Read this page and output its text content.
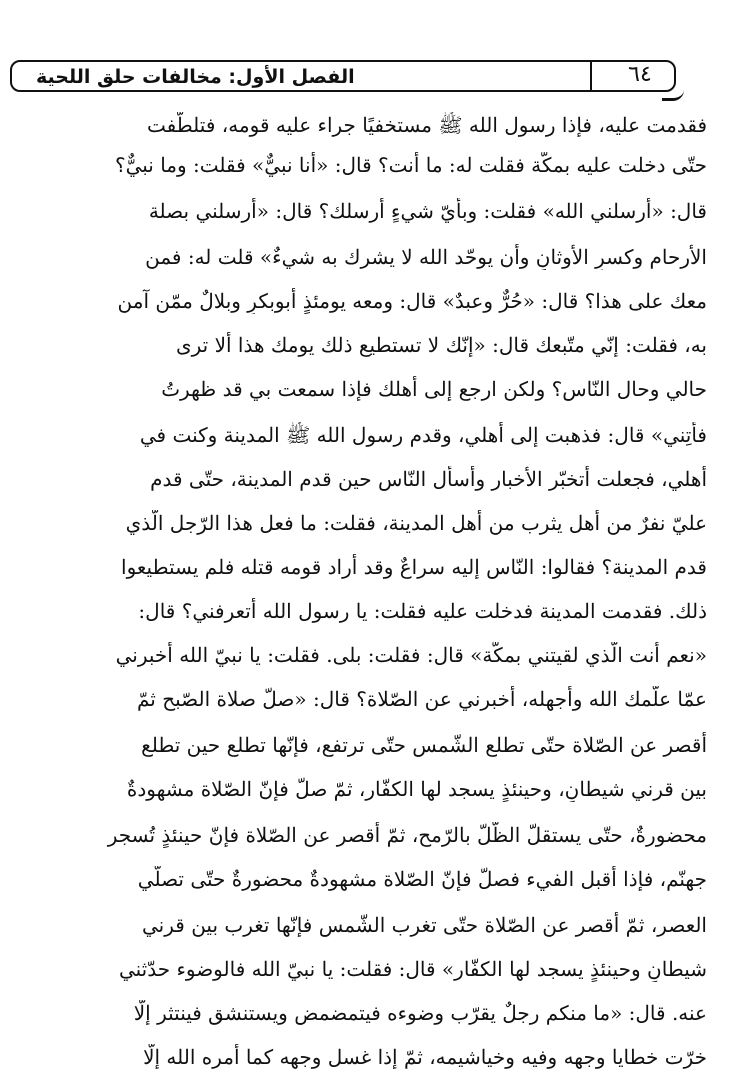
الفصل الأول: مخالفات حلق اللحية	٦٤
فقدمت عليه، فإذا رسول الله ﷺ مستخفيًا جراء عليه قومه، فتلطّفت
حتّى دخلت عليه بمكّة فقلت له: ما أنت؟ قال: «أنا نبيٌّ» فقلت: وما نبيٌّ؟
قال: «أرسلني الله» فقلت: وبأيّ شيءٍ أرسلك؟ قال: «أرسلني بصلة
الأرحام وكسرِ الأوثانِ وأن يوحّد الله لا يشرك به شيءٌ» قلت له: فمن
معك على هذا؟ قال: «حُرٌّ وعبدٌ» قال: ومعه يومئذٍ أبوبكرٍ وبلالٌ ممّن آمن
به، فقلت: إنّي متّبعك قال: «إنّك لا تستطيع ذلك يومك هذا ألا ترى
حالي وحال النّاس؟ ولكن ارجع إلى أهلك فإذا سمعت بي قد ظهرتُ
فأتِني» قال: فذهبت إلى أهلي، وقدم رسول الله ﷺ المدينة وكنت في
أهلي، فجعلت أتخبّر الأخبار وأسأل النّاس حين قدم المدينة، حتّى قدم
عليّ نفرٌ من أهل يثرب من أهل المدينة، فقلت: ما فعل هذا الرّجل الّذي
قدم المدينة؟ فقالوا: النّاس إليه سراعٌ وقد أراد قومه قتله فلم يستطيعوا
ذلك. فقدمت المدينة فدخلت عليه فقلت: يا رسول الله أتعرفني؟ قال:
«نعم أنت الّذي لقيتني بمكّة» قال: فقلت: بلى. فقلت: يا نبيّ الله أخبرني
عمّا علّمك الله وأجهله، أخبرني عن الصّلاة؟ قال: «صلّ صلاة الصّبح ثمّ
أقصر عن الصّلاة حتّى تطلع الشّمس حتّى ترتفع، فإنّها تطلع حين تطلع
بين قرني شيطانٍ، وحينئذٍ يسجد لها الكفّار، ثمّ صلّ فإنّ الصّلاة مشهودةٌ
محضورةٌ، حتّى يستقلّ الظّلّ بالرّمح، ثمّ أقصر عن الصّلاة فإنّ حينئذٍ تُسجر
جهنّم، فإذا أقبل الفيء فصلّ فإنّ الصّلاة مشهودةٌ محضورةٌ حتّى تصلّي
العصر، ثمّ أقصر عن الصّلاة حتّى تغرب الشّمس فإنّها تغرب بين قرني
شيطانٍ وحينئذٍ يسجد لها الكفّار» قال: فقلت: يا نبيّ الله فالوضوء حدّثني
عنه. قال: «ما منكم رجلٌ يقرّب وضوءه فيتمضمض ويستنشق فينتثر إلّا
خرّت خطايا وجهه وفيه وخياشيمه، ثمّ إذا غسل وجهه كما أمره الله إلّا
